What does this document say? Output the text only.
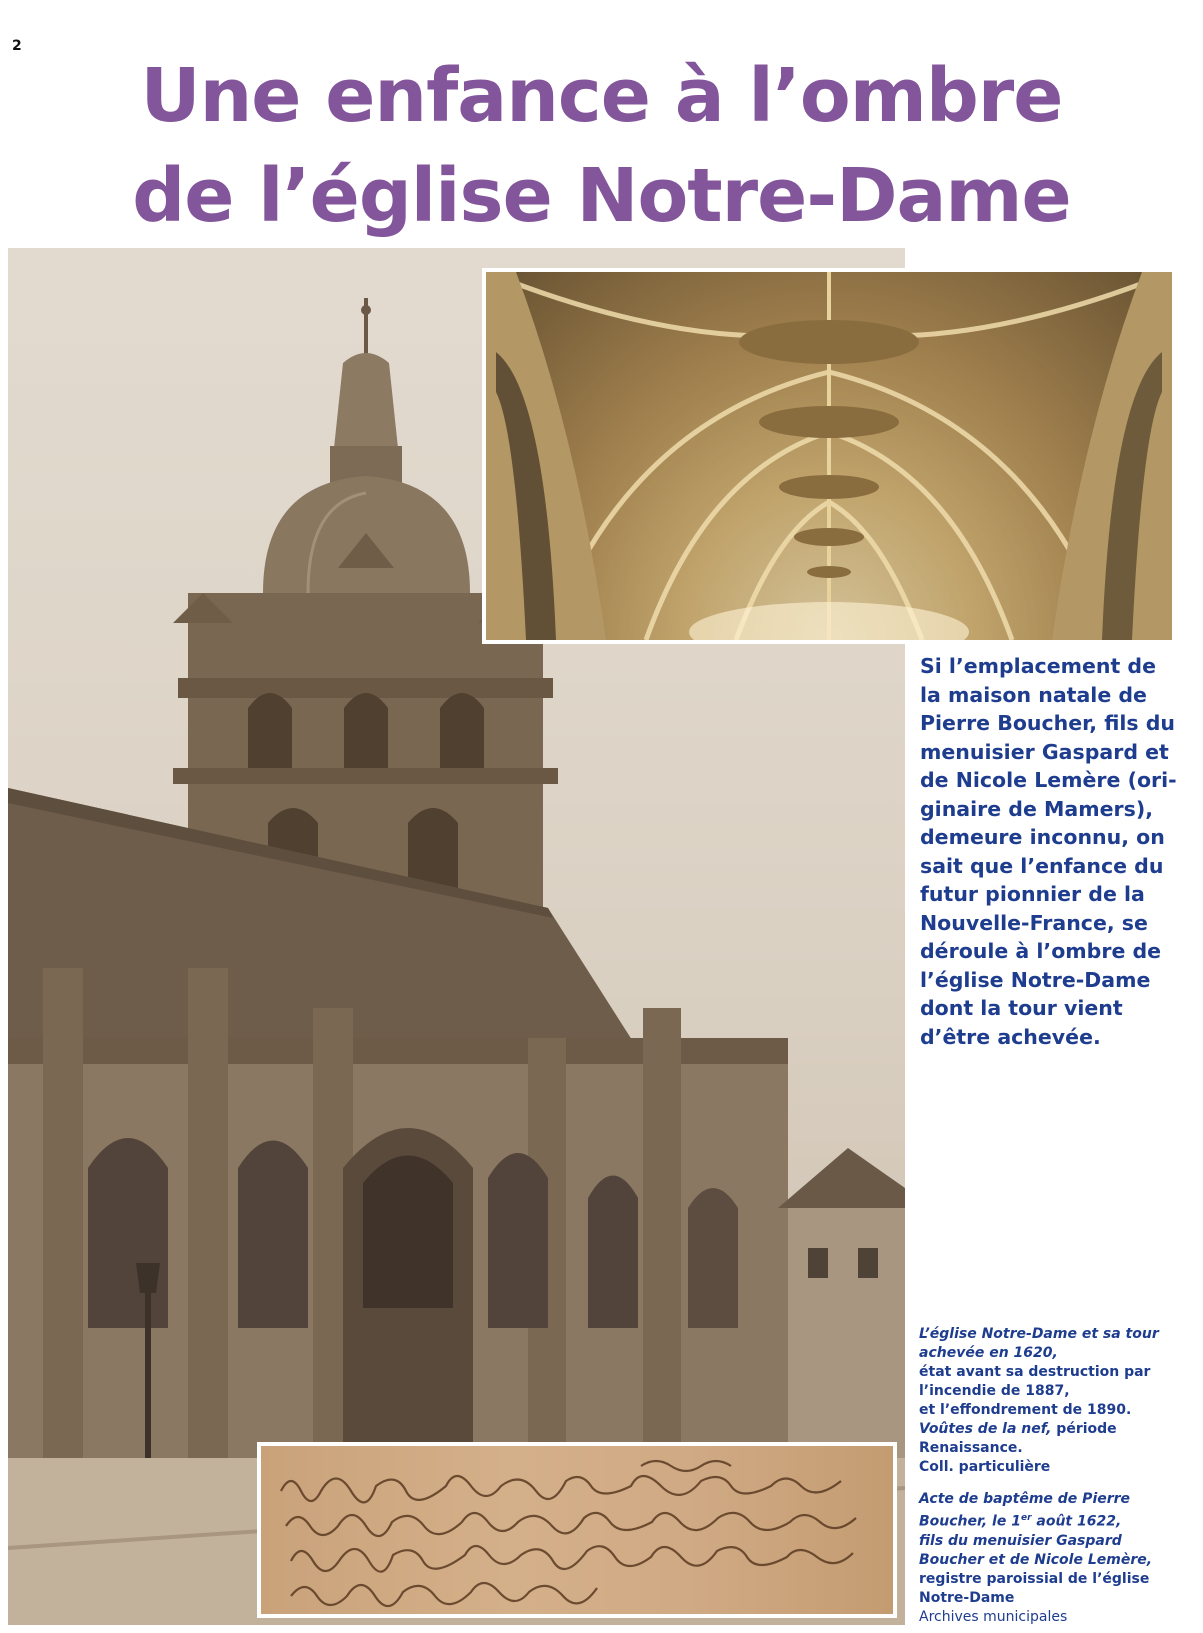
2
Une enfance à l’ombre
de l’église Notre-Dame

Si l’emplacement de
la maison natale de
Pierre Boucher, fils du
menuisier Gaspard et
de Nicole Lemère (ori-
ginaire de Mamers),
demeure inconnu, on
sait que l’enfance du
futur pionnier de la
Nouvelle-France, se
déroule à l’ombre de
l’église Notre-Dame
dont la tour vient
d’être achevée.

L’église Notre-Dame et sa tour
achevée en 1620,
état avant sa destruction par
l’incendie de 1887,
et l’effondrement de 1890.
Voûtes de la nef, période
Renaissance.
Coll. particulière
Acte de baptême de Pierre
Boucher, le 1er août 1622,
fils du menuisier Gaspard
Boucher et de Nicole Lemère,
registre paroissial de l’église
Notre-Dame
Archives municipales
